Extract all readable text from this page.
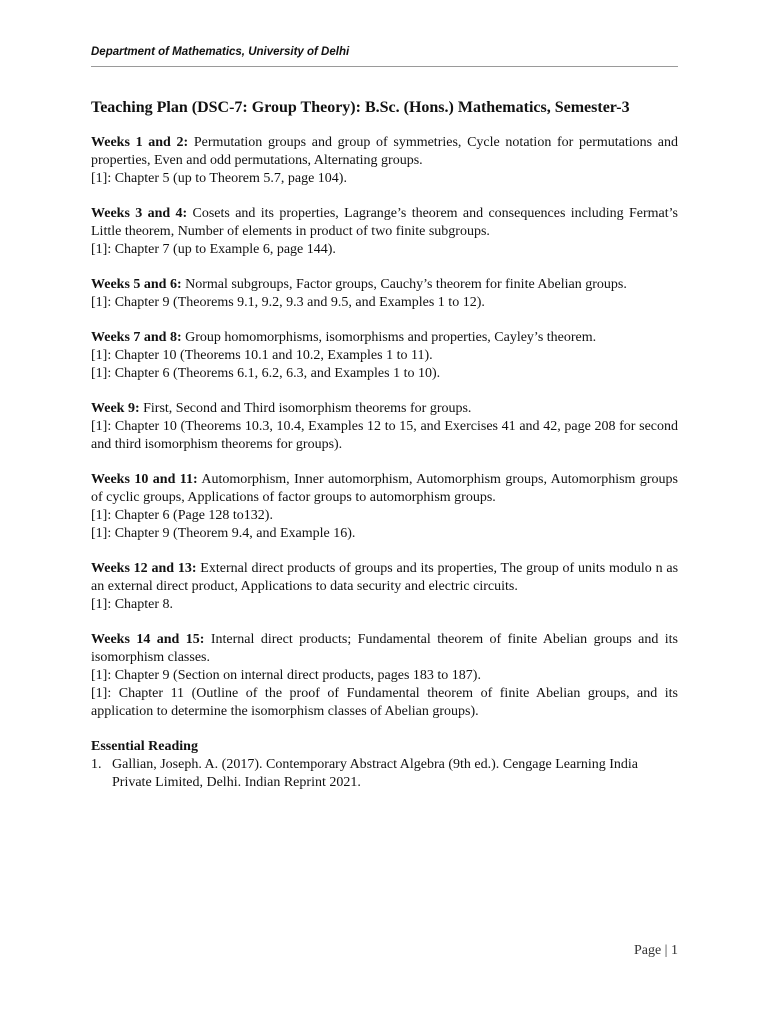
Department of Mathematics, University of Delhi
Teaching Plan (DSC-7: Group Theory): B.Sc. (Hons.) Mathematics, Semester-3

Weeks 1 and 2: Permutation groups and group of symmetries, Cycle notation for permutations and properties, Even and odd permutations, Alternating groups.

[1]: Chapter 5 (up to Theorem 5.7, page 104).

Weeks 3 and 4: Cosets and its properties, Lagrange’s theorem and consequences including Fermat’s Little theorem, Number of elements in product of two finite subgroups.

[1]: Chapter 7 (up to Example 6, page 144).

Weeks 5 and 6: Normal subgroups, Factor groups, Cauchy’s theorem for finite Abelian groups.

[1]: Chapter 9 (Theorems 9.1, 9.2, 9.3 and 9.5, and Examples 1 to 12).

Weeks 7 and 8: Group homomorphisms, isomorphisms and properties, Cayley’s theorem.

[1]: Chapter 10 (Theorems 10.1 and 10.2, Examples 1 to 11).

[1]: Chapter 6 (Theorems 6.1, 6.2, 6.3, and Examples 1 to 10).

Week 9: First, Second and Third isomorphism theorems for groups.

[1]: Chapter 10 (Theorems 10.3, 10.4, Examples 12 to 15, and Exercises 41 and 42, page 208 for second and third isomorphism theorems for groups).

Weeks 10 and 11: Automorphism, Inner automorphism, Automorphism groups, Automorphism groups of cyclic groups, Applications of factor groups to automorphism groups.

[1]: Chapter 6 (Page 128 to132).

[1]: Chapter 9 (Theorem 9.4, and Example 16).

Weeks 12 and 13: External direct products of groups and its properties, The group of units modulo n as an external direct product, Applications to data security and electric circuits.

[1]: Chapter 8.

Weeks 14 and 15: Internal direct products; Fundamental theorem of finite Abelian groups and its isomorphism classes.

[1]: Chapter 9 (Section on internal direct products, pages 183 to 187).

[1]: Chapter 11 (Outline of the proof of Fundamental theorem of finite Abelian groups, and its application to determine the isomorphism classes of Abelian groups).

Essential Reading

1. Gallian, Joseph. A. (2017). Contemporary Abstract Algebra (9th ed.). Cengage Learning India Private Limited, Delhi. Indian Reprint 2021.
Page | 1
